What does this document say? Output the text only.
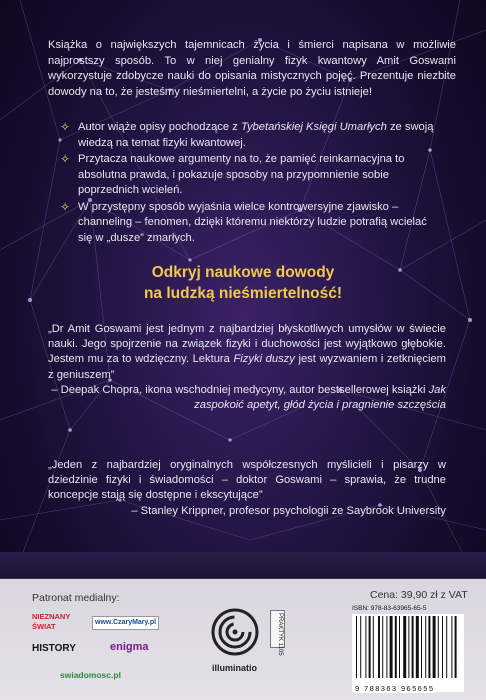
Książka o największych tajemnicach życia i śmierci napisana w możliwie najprostszy sposób. To w niej genialny fizyk kwantowy Amit Goswami wykorzystuje zdobycze nauki do opisania mistycznych pojęć. Prezentuje niezbite dowody na to, że jesteśmy nieśmiertelni, a życie po życiu istnieje!
✧ Autor wiąże opisy pochodzące z Tybetańskiej Księgi Umarłych ze swoją wiedzą na temat fizyki kwantowej.
✧ Przytacza naukowe argumenty na to, że pamięć reinkarnacyjna to absolutna prawda, i pokazuje sposoby na przypomnienie sobie poprzednich wcieleń.
✧ W przystępny sposób wyjaśnia wielce kontrowersyjne zjawisko – channeling – fenomen, dzięki któremu niektórzy ludzie potrafią wcielać się w „dusze” zmarłych.
Odkryj naukowe dowody
na ludzką nieśmiertelność!
„Dr Amit Goswami jest jednym z najbardziej błyskotliwych umysłów w świecie nauki. Jego spojrzenie na związek fizyki i duchowości jest wyjątkowo głębokie. Jestem mu za to wdzięczny. Lektura Fizyki duszy jest wyzwaniem i zetknięciem z geniuszem”
– Deepak Chopra, ikona wschodniej medycyny, autor bestsellerowej książki Jak zaspokoić apetyt, głód życia i pragnienie szczęścia
„Jeden z najbardziej oryginalnych współczesnych myślicieli i pisarzy w dziedzinie fizyki i świadomości – doktor Goswami – sprawia, że trudne koncepcje stają się dostępne i ekscytujące”
– Stanley Krippner, profesor psychologii ze Saybrook University
Patronat medialny:	Cena: 39,90 zł z VAT
NIEZNANY ŚWIAT	www.CzaryMary.pl
HISTORY	enigma
swiadomosc.pl
illuminatio
PRAKTYK 1105
ISBN: 978-83-63965-65-5
9 788363 965655
